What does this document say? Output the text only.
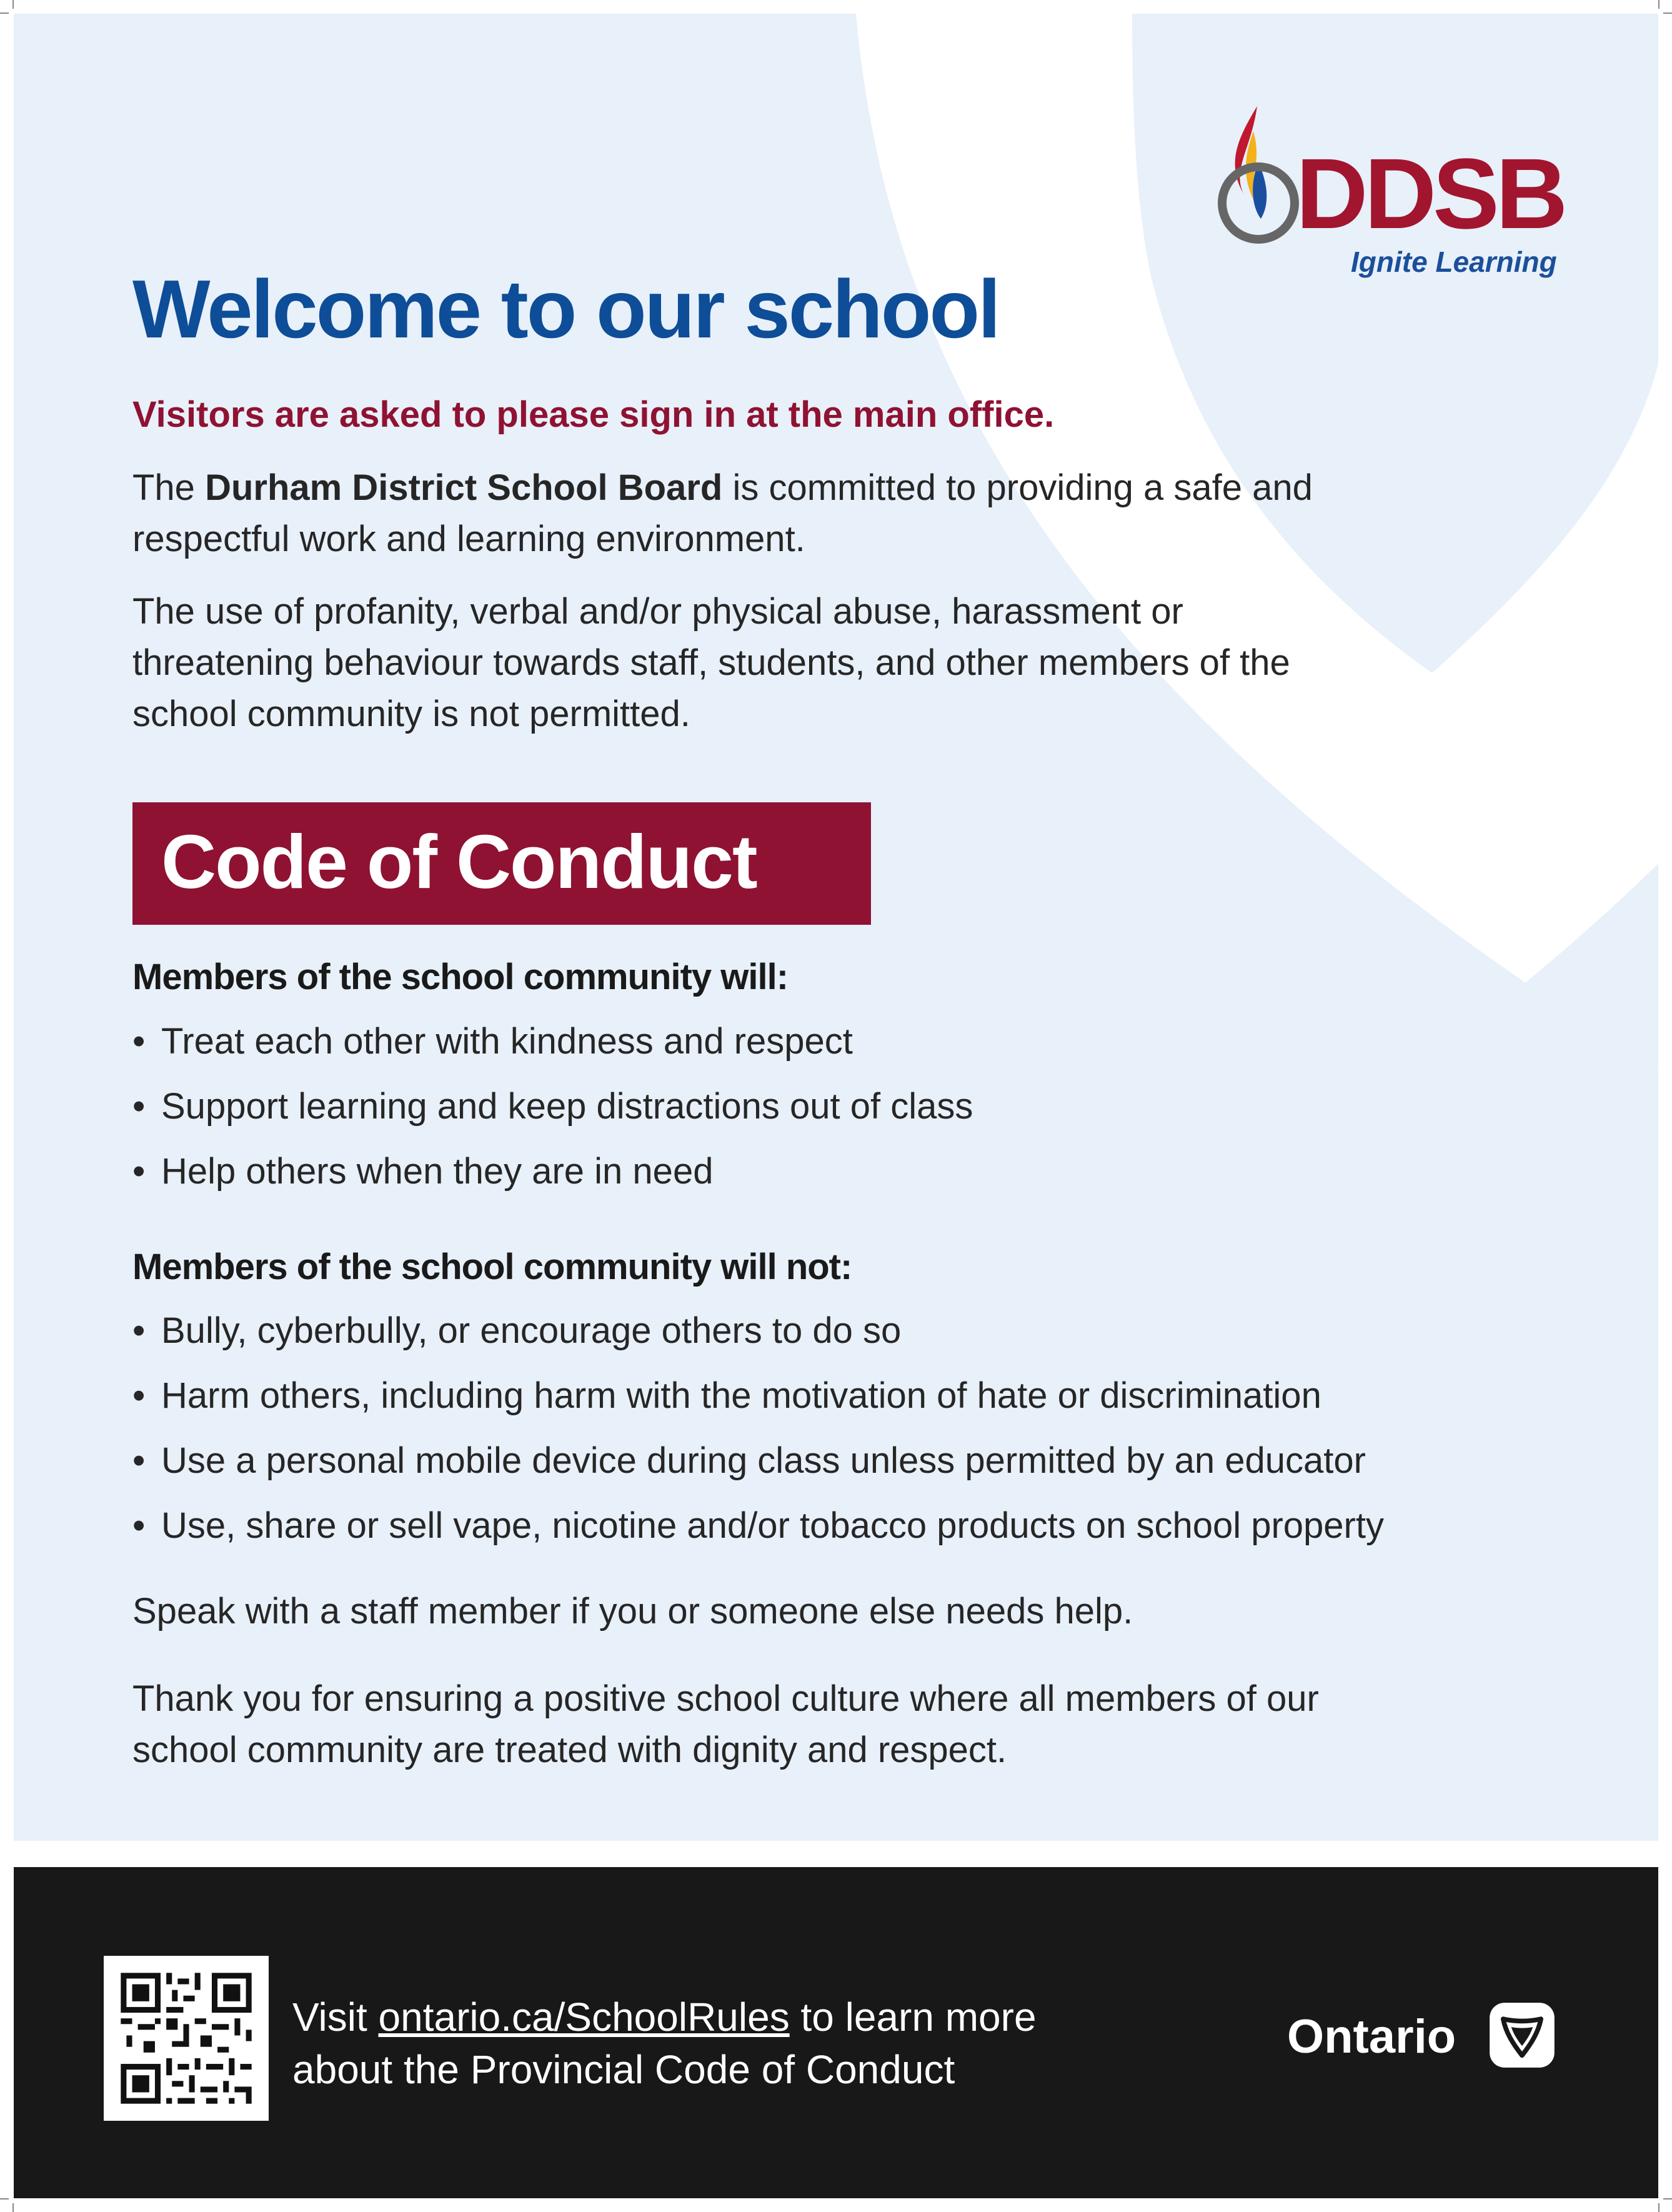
DDSB
Ignite Learning
Welcome to our school

Visitors are asked to please sign in at the main office.

The Durham District School Board is committed to providing a safe and respectful work and learning environment.

The use of profanity, verbal and/or physical abuse, harassment or threatening behaviour towards staff, students, and other members of the school community is not permitted.

Code of Conduct

Members of the school community will:

• Treat each other with kindness and respect
• Support learning and keep distractions out of class
• Help others when they are in need

Members of the school community will not:

• Bully, cyberbully, or encourage others to do so
• Harm others, including harm with the motivation of hate or discrimination
• Use a personal mobile device during class unless permitted by an educator
• Use, share or sell vape, nicotine and/or tobacco products on school property

Speak with a staff member if you or someone else needs help.

Thank you for ensuring a positive school culture where all members of our school community are treated with dignity and respect.

Visit ontario.ca/SchoolRules to learn more
about the Provincial Code of Conduct

Ontario
